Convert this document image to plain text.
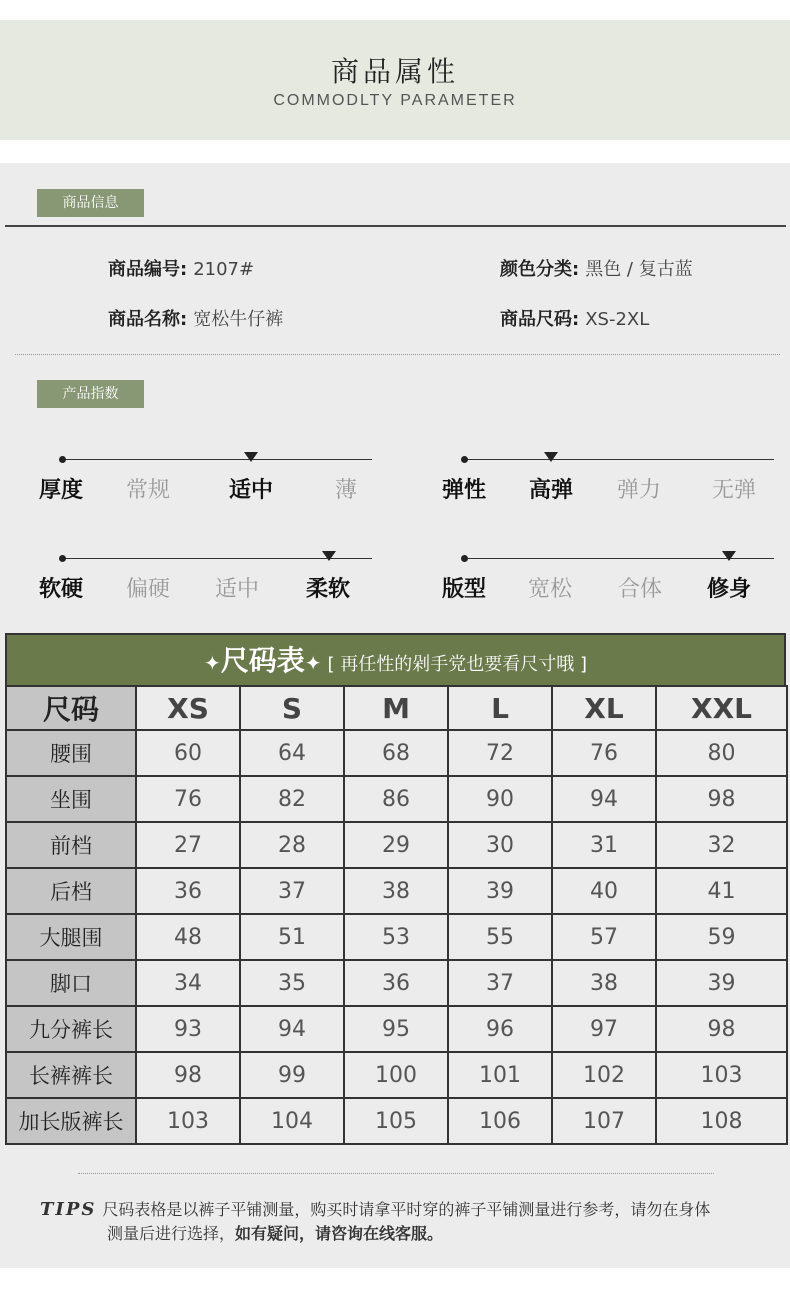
商品属性
COMMODLTY PARAMETER
商品信息
商品编号: 2107#	颜色分类: 黑色 / 复古蓝
商品名称: 宽松牛仔裤	商品尺码: XS-2XL
产品指数
厚度 常规	适中	薄	弹性 高弹 弹力 无弹
软硬 偏硬 适中 柔软	版型 宽松 合体 修身
✦尺码表✦ [ 再任性的剁手党也要看尺寸哦 ]
尺码	XS	S	M	L	XL	XXL
腰围	60	64	68	72	76	80
坐围	76	82	86	90	94	98
前档	27	28	29	30	31	32
后档	36	37	38	39	40	41
大腿围	48	51	53	55	57	59
脚口	34	35	36	37	38	39
九分裤长	93	94	95	96	97	98
长裤裤长	98	99	100	101	102	103
加长版裤长	103	104	105	106	107	108
TIPS 尺码表格是以裤子平铺测量，购买时请拿平时穿的裤子平铺测量进行参考，请勿在身体
测量后进行选择，如有疑问，请咨询在线客服。
